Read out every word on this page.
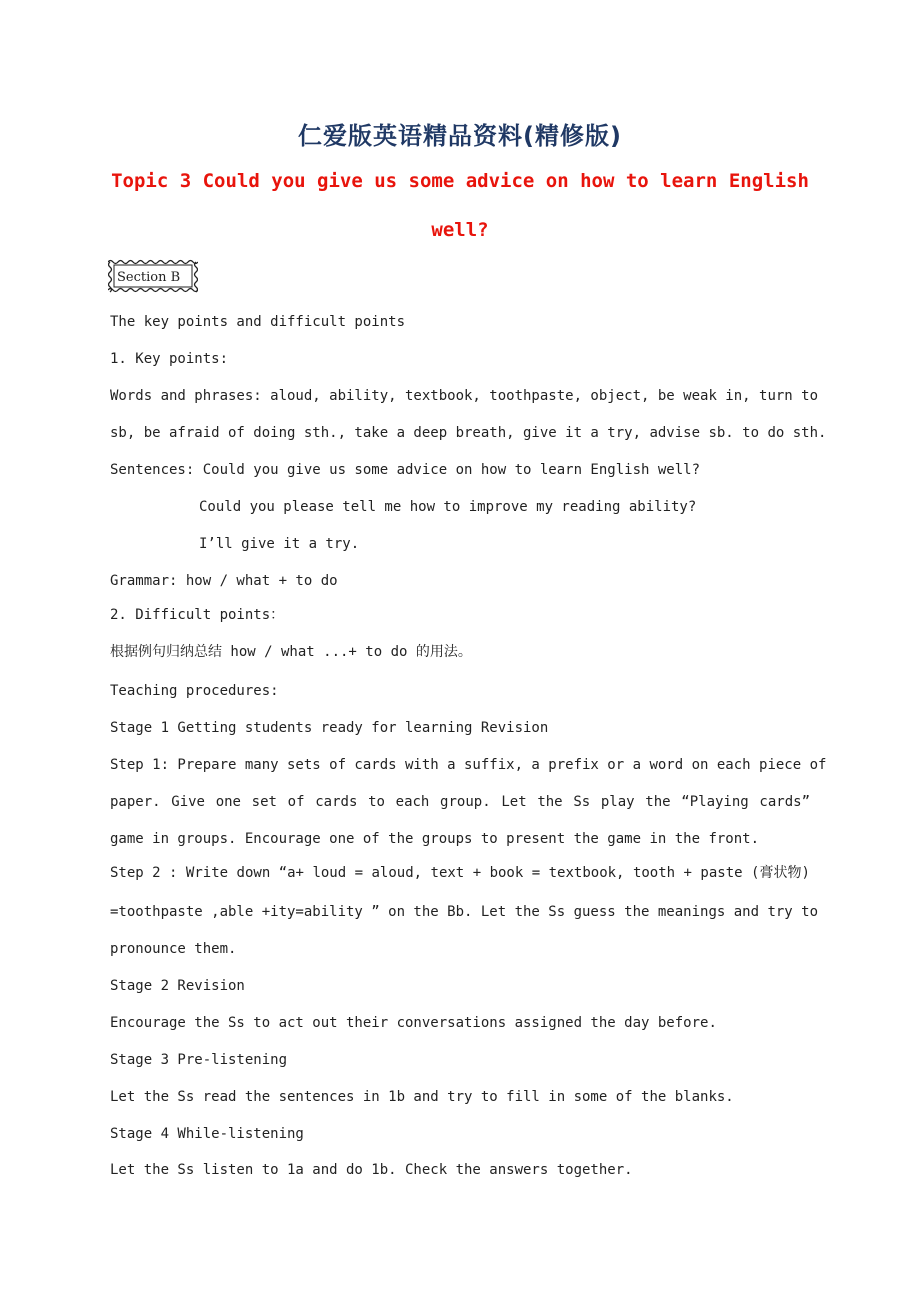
仁爱版英语精品资料(精修版)
Topic 3 Could you give us some advice on how to learn English
well?
Section B
The key points and difficult points
1. Key points:
Words and phrases: aloud, ability, textbook, toothpaste, object, be weak in, turn to
sb, be afraid of doing sth., take a deep breath, give it a try, advise sb. to do sth.
Sentences: Could you give us some advice on how to learn English well?
Could you please tell me how to improve my reading ability?
I’ll give it a try.
Grammar: how / what + to do
2. Difficult points：
根据例句归纳总结 how / what ...+ to do 的用法。
Teaching procedures:
Stage 1 Getting students ready for learning Revision
Step 1: Prepare many sets of cards with a suffix, a prefix or a word on each piece of
paper. Give one set of cards to each group. Let the Ss play the “Playing cards”
game in groups. Encourage one of the groups to present the game in the front.
Step 2 : Write down “a+ loud = aloud, text + book = textbook, tooth + paste (膏状物)
=toothpaste ,able +ity=ability ” on the Bb. Let the Ss guess the meanings and try to
pronounce them.
Stage 2 Revision
Encourage the Ss to act out their conversations assigned the day before.
Stage 3 Pre-listening
Let the Ss read the sentences in 1b and try to fill in some of the blanks.
Stage 4 While-listening
Let the Ss listen to 1a and do 1b. Check the answers together.
